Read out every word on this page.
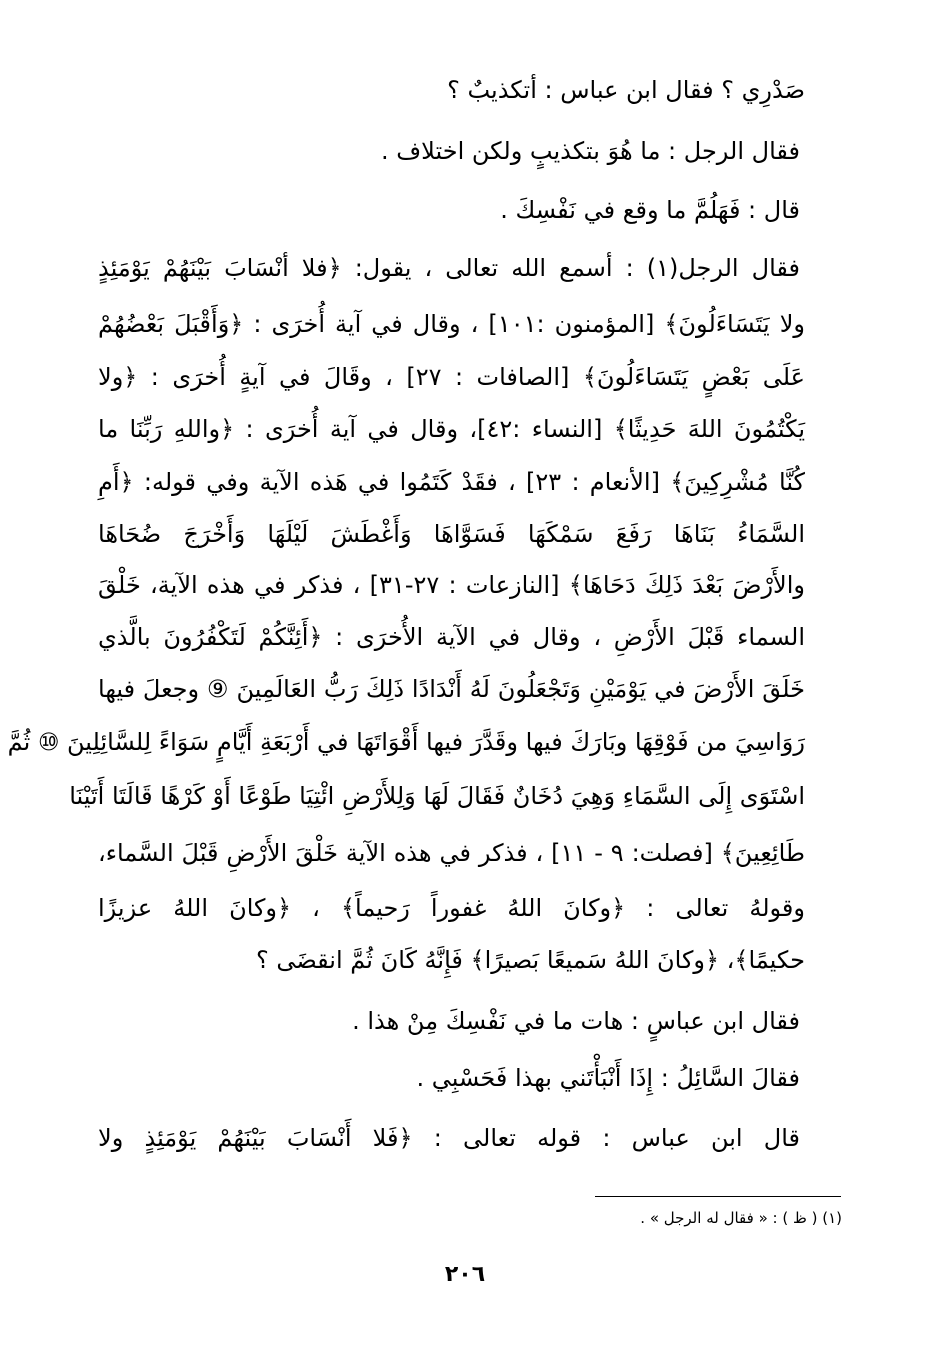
صَدْرِي ؟ فقال ابن عباس : أتكذيبٌ ؟
فقال الرجل : ما هُوَ بتكذيبٍ ولكن اختلاف .
قال : فَهَلُمَّ ما وقع في نَفْسِكَ .
فقال الرجل(١) : أسمع الله تعالى ، يقول: ﴿فلا أنْسَابَ بَيْنَهُمْ يَوْمَئِذٍ
ولا يَتَسَاءَلُونَ﴾ [المؤمنون :١٠١] ، وقال في آية أُخرَى : ﴿وَأَقْبَلَ بَعْضُهُمْ
عَلَى بَعْضٍ يَتَسَاءَلُونَ﴾ [الصافات : ٢٧] ، وقَالَ في آيةٍ أُخرَى : ﴿ولا
يَكْتُمُونَ اللهَ حَدِيثًا﴾ [النساء :٤٢]، وقال في آية أُخرَى : ﴿واللهِ رَبِّنَا ما
كُنَّا مُشْرِكِينَ﴾ [الأنعام : ٢٣] ، فقَدْ كَتَمُوا في هَذه الآية وفي قوله: ﴿أَمِ
السَّمَاءُ بَنَاهَا رَفَعَ سَمْكَهَا فَسَوَّاهَا وَأَغْطَشَ لَيْلَهَا وَأَخْرَجَ ضُحَاهَا
والأَرْضَ بَعْدَ ذَلِكَ دَحَاهَا﴾ [النازعات : ٢٧-٣١] ، فذكر في هذه الآية، خَلْقَ
السماء قَبْلَ الأَرْضِ ، وقال في الآية الأُخرَى : ﴿أَئِنَّكُمْ لَتَكْفُرُونَ بالَّذي
خَلَقَ الأَرْضَ في يَوْمَيْنِ وَتَجْعَلُونَ لَهُ أَنْدَادًا ذَلِكَ رَبُّ العَالَمِينَ ⑨ وجعلَ فيها
رَوَاسِيَ من فَوْقِهَا وبَارَكَ فيها وقَدَّرَ فيها أَقْوَاتَهَا في أَرْبَعَةِ أَيَّامٍ سَوَاءً لِلسَّائِلِينَ ⑩ ثُمَّ
اسْتَوَى إِلَى السَّمَاءِ وَهِيَ دُخَانٌ فَقَالَ لَهَا وَلِلأَرْضِ ائْتِيَا طَوْعًا أَوْ كَرْهًا قَالَتَا أَتَيْنَا
طَائِعِينَ﴾ [فصلت: ٩ - ١١] ، فذكر في هذه الآية خَلْقَ الأَرْضِ قَبْلَ السَّماء،
وقولهُ تعالى : ﴿وكانَ اللهُ غفوراً رَحيماً﴾ ، ﴿وكانَ اللهُ عزيزًا
حكيمًا﴾، ﴿وكانَ اللهُ سَميعًا بَصيرًا﴾ فَإِنَّهُ كَانَ ثُمَّ انقضَى ؟
فقال ابن عباسٍ : هات ما في نَفْسِكَ مِنْ هذا .
فقالَ السَّائِلُ : إِذَا أَنْبَأْتَني بهذا فَحَسْبِي .
قال ابن عباس : قوله تعالى : ﴿فَلا أَنْسَابَ بَيْنَهُمْ يَوْمَئِذٍ ولا
(١) ( ظ ) : « فقال له الرجل » .
٢٠٦
